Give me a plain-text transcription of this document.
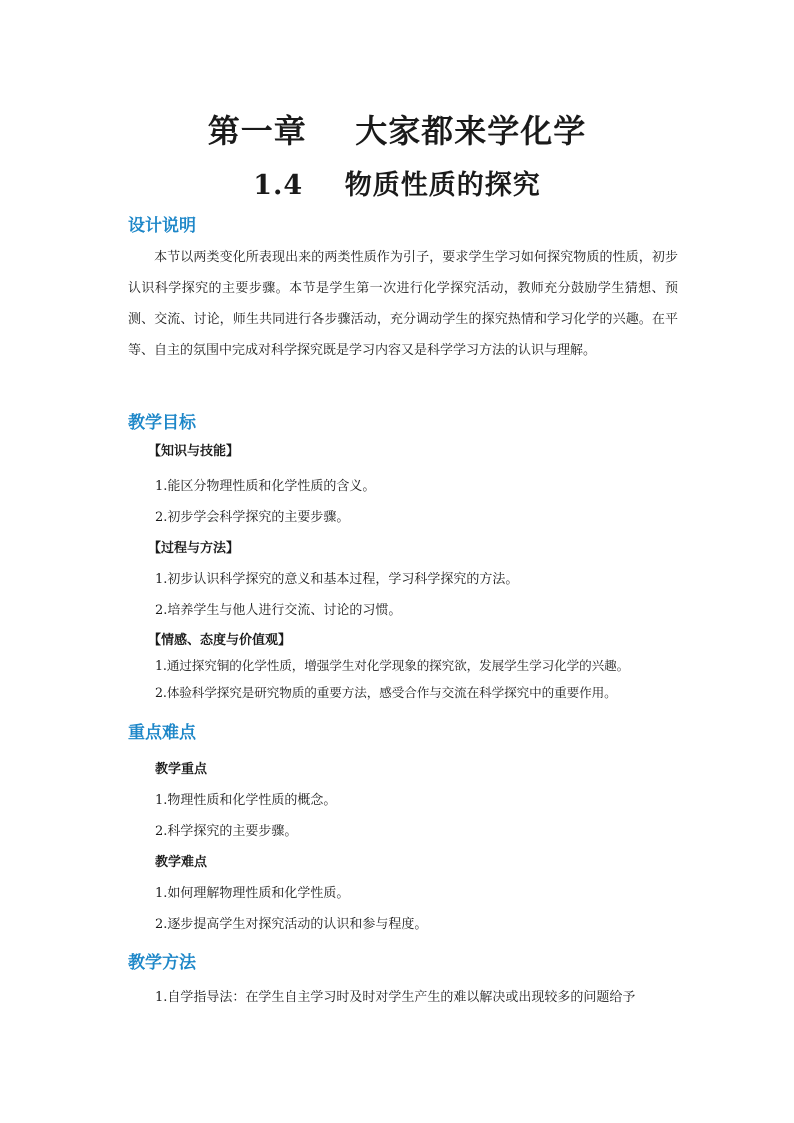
第一章    大家都来学化学
1.4    物质性质的探究
设计说明
本节以两类变化所表现出来的两类性质作为引子，要求学生学习如何探究物质的性质，初步认识科学探究的主要步骤。本节是学生第一次进行化学探究活动，教师充分鼓励学生猜想、预测、交流、讨论，师生共同进行各步骤活动，充分调动学生的探究热情和学习化学的兴趣。在平等、自主的氛围中完成对科学探究既是学习内容又是科学学习方法的认识与理解。
教学目标
【知识与技能】
1.能区分物理性质和化学性质的含义。
2.初步学会科学探究的主要步骤。
【过程与方法】
1.初步认识科学探究的意义和基本过程，学习科学探究的方法。
2.培养学生与他人进行交流、讨论的习惯。
【情感、态度与价值观】
1.通过探究铜的化学性质，增强学生对化学现象的探究欲，发展学生学习化学的兴趣。
2.体验科学探究是研究物质的重要方法，感受合作与交流在科学探究中的重要作用。
重点难点
教学重点
1.物理性质和化学性质的概念。
2.科学探究的主要步骤。
教学难点
1.如何理解物理性质和化学性质。
2.逐步提高学生对探究活动的认识和参与程度。
教学方法
1.自学指导法：在学生自主学习时及时对学生产生的难以解决或出现较多的问题给予
